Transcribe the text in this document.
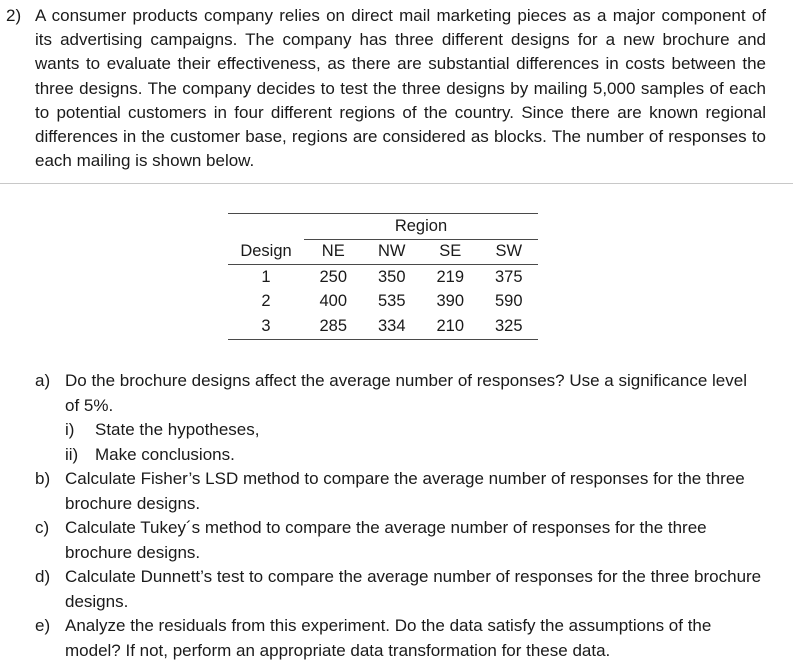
2) A consumer products company relies on direct mail marketing pieces as a major component of its advertising campaigns. The company has three different designs for a new brochure and wants to evaluate their effectiveness, as there are substantial differences in costs between the three designs. The company decides to test the three designs by mailing 5,000 samples of each to potential customers in four different regions of the country. Since there are known regional differences in the customer base, regions are considered as blocks. The number of responses to each mailing is shown below.
	Region			
Design	NE	NW	SE	SW
1	250	350	219	375
2	400	535	390	590
3	285	334	210	325
a) Do the brochure designs affect the average number of responses? Use a significance level of 5%.
i) State the hypotheses,
ii) Make conclusions.
b) Calculate Fisher’s LSD method to compare the average number of responses for the three brochure designs.
c) Calculate Tukey´s method to compare the average number of responses for the three brochure designs.
d) Calculate Dunnett’s test to compare the average number of responses for the three brochure designs.
e) Analyze the residuals from this experiment. Do the data satisfy the assumptions of the model? If not, perform an appropriate data transformation for these data.
